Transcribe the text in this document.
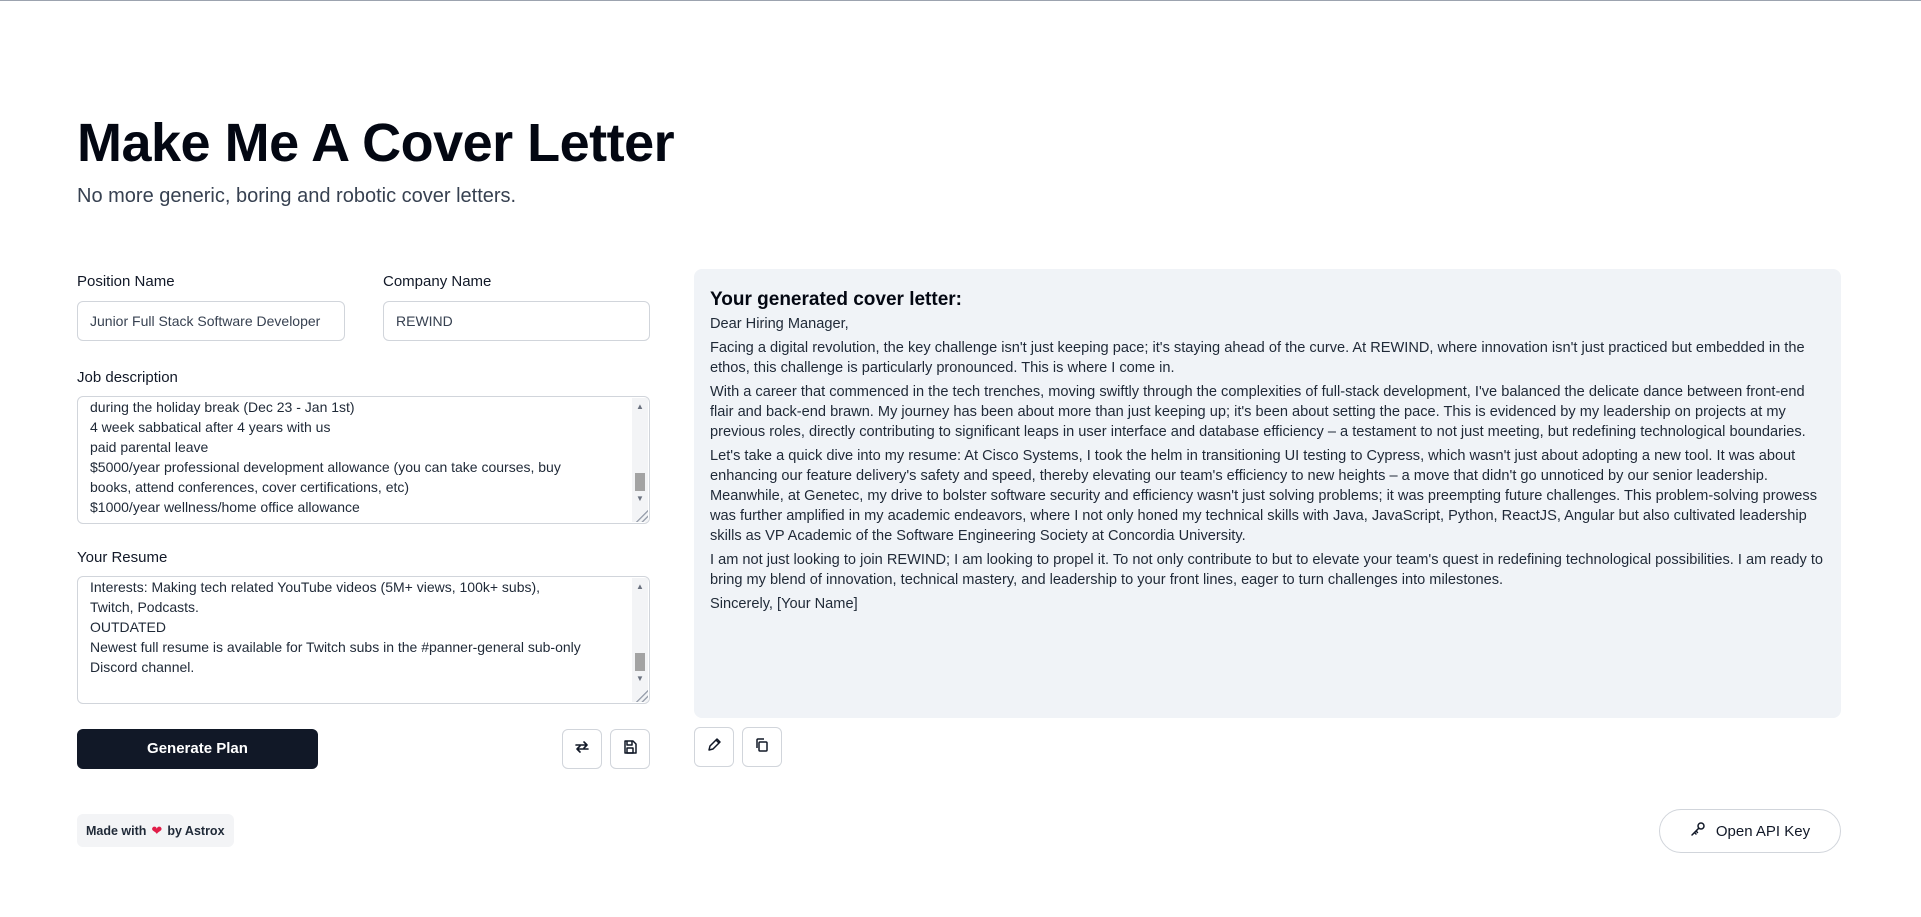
Make Me A Cover Letter
No more generic, boring and robotic cover letters.
Position Name
Junior Full Stack Software Developer
Company Name
REWIND
Job description
during the holiday break (Dec 23 - Jan 1st)
4 week sabbatical after 4 years with us
paid parental leave
$5000/year professional development allowance (you can take courses, buy
books, attend conferences, cover certifications, etc)
$1000/year wellness/home office allowance
▲
▼
Your Resume
Interests: Making tech related YouTube videos (5M+ views, 100k+ subs),
Twitch, Podcasts.
OUTDATED
Newest full resume is available for Twitch subs in the #panner-general sub-only
Discord channel.
▲
▼
Generate Plan
Your generated cover letter:

Dear Hiring Manager,

Facing a digital revolution, the key challenge isn't just keeping pace; it's staying ahead of the curve. At REWIND, where innovation isn't just practiced but embedded in the ethos, this challenge is particularly pronounced. This is where I come in.

With a career that commenced in the tech trenches, moving swiftly through the complexities of full-stack development, I've balanced the delicate dance between front-end flair and back-end brawn. My journey has been about more than just keeping up; it's been about setting the pace. This is evidenced by my leadership on projects at my previous roles, directly contributing to significant leaps in user interface and database efficiency – a testament to not just meeting, but redefining technological boundaries.

Let's take a quick dive into my resume: At Cisco Systems, I took the helm in transitioning UI testing to Cypress, which wasn't just about adopting a new tool. It was about enhancing our feature delivery's safety and speed, thereby elevating our team's efficiency to new heights – a move that didn't go unnoticed by our senior leadership. Meanwhile, at Genetec, my drive to bolster software security and efficiency wasn't just solving problems; it was preempting future challenges. This problem-solving prowess was further amplified in my academic endeavors, where I not only honed my technical skills with Java, JavaScript, Python, ReactJS, Angular but also cultivated leadership skills as VP Academic of the Software Engineering Society at Concordia University.

I am not just looking to join REWIND; I am looking to propel it. To not only contribute to but to elevate your team's quest in redefining technological possibilities. I am ready to bring my blend of innovation, technical mastery, and leadership to your front lines, eager to turn challenges into milestones.

Sincerely, [Your Name]

Made with ❤ by Astrox	Open API Key
